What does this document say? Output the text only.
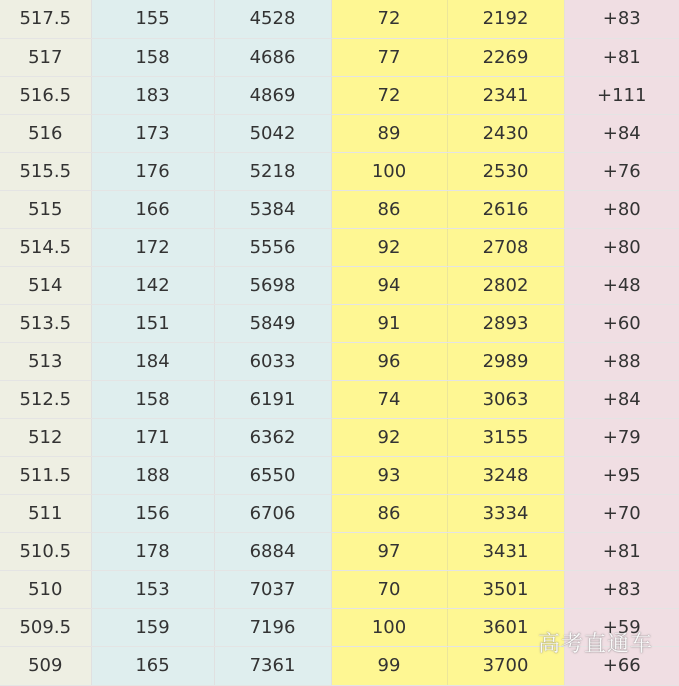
517.5	155	4528	72	2192	+83
517	158	4686	77	2269	+81
516.5	183	4869	72	2341	+111
516	173	5042	89	2430	+84
515.5	176	5218	100	2530	+76
515	166	5384	86	2616	+80
514.5	172	5556	92	2708	+80
514	142	5698	94	2802	+48
513.5	151	5849	91	2893	+60
513	184	6033	96	2989	+88
512.5	158	6191	74	3063	+84
512	171	6362	92	3155	+79
511.5	188	6550	93	3248	+95
511	156	6706	86	3334	+70
510.5	178	6884	97	3431	+81
510	153	7037	70	3501	+83
509.5	159	7196	100	3601	+59
509	165	7361	99	3700	+66
高考直通车
